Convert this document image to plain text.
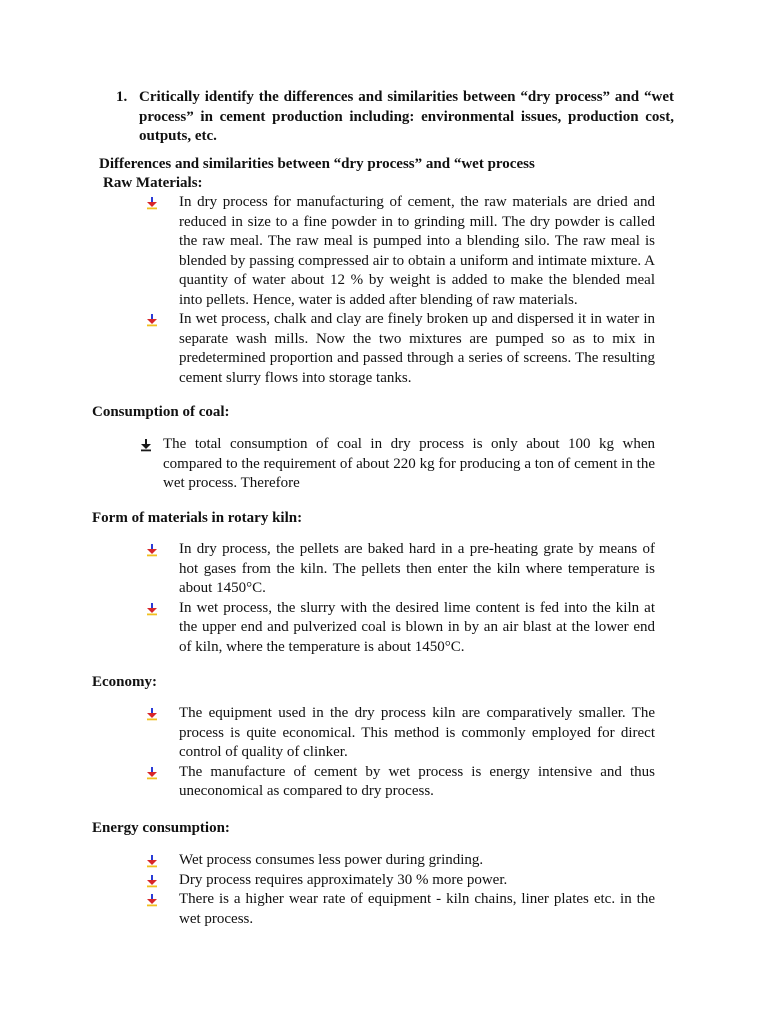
1. Critically identify the differences and similarities between “dry process” and “wet process” in cement production including: environmental issues, production cost, outputs, etc.
Differences and similarities between “dry process” and “wet process
Raw Materials:
In dry process for manufacturing of cement, the raw materials are dried and reduced in size to a fine powder in to grinding mill. The dry powder is called the raw meal. The raw meal is pumped into a blending silo. The raw meal is blended by passing compressed air to obtain a uniform and intimate mixture. A quantity of water about 12 % by weight is added to make the blended meal into pellets. Hence, water is added after blending of raw materials.
In wet process, chalk and clay are finely broken up and dispersed it in water in separate wash mills. Now the two mixtures are pumped so as to mix in predetermined proportion and passed through a series of screens. The resulting cement slurry flows into storage tanks.
Consumption of coal:
The total consumption of coal in dry process is only about 100 kg when compared to the requirement of about 220 kg for producing a ton of cement in the wet process. Therefore
Form of materials in rotary kiln:
In dry process, the pellets are baked hard in a pre-heating grate by means of hot gases from the kiln. The pellets then enter the kiln where temperature is about 1450°C.
In wet process, the slurry with the desired lime content is fed into the kiln at the upper end and pulverized coal is blown in by an air blast at the lower end of kiln, where the temperature is about 1450°C.
Economy:
The equipment used in the dry process kiln are comparatively smaller. The process is quite economical. This method is commonly employed for direct control of quality of clinker.
The manufacture of cement by wet process is energy intensive and thus uneconomical as compared to dry process.
Energy consumption:
Wet process consumes less power during grinding.
Dry process requires approximately 30 % more power.
There is a higher wear rate of equipment - kiln chains, liner plates etc. in the wet process.
